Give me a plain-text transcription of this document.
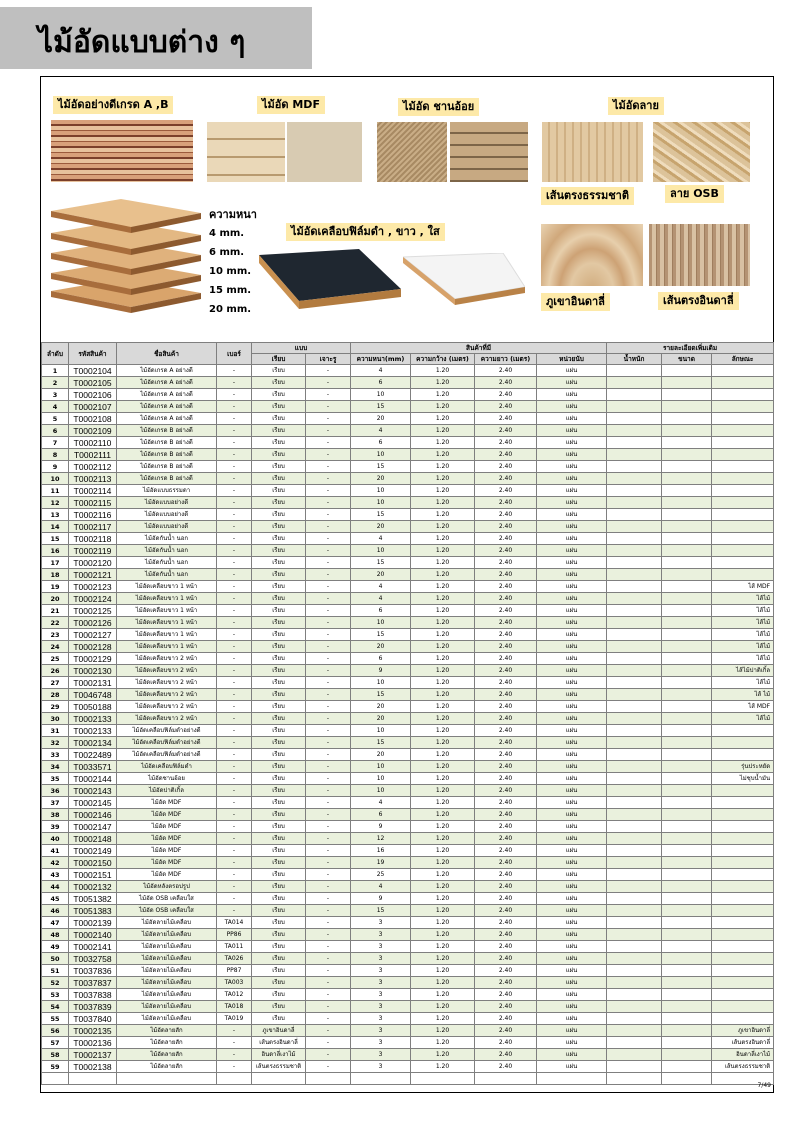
ไม้อัดแบบต่าง ๆ
ไม้อัดอย่างดีเกรด A ,B	ไม้อัด MDF	ไม้อัด ชานอ้อย	ไม้อัดลาย
เส้นตรงธรรมชาติ	ลาย OSB
ความหนา
4 mm.
6 mm.
10 mm.
15 mm.
20 mm.
ไม้อัดเคลือบฟิล์มดำ , ขาว , ใส
ภูเขาอินดาลี่	เส้นตรงอินดาลี่
ลำดับ	รหัสสินค้า	ชื่อสินค้า	เบอร์	แบบ		สินค้าที่มี				รายละเอียดเพิ่มเติม		
				เรียบ	เจาะรู	ความหนา(mm)	ความกว้าง (เมตร)	ความยาว (เมตร)	หน่วยนับ	น้ำหนัก	ขนาด	ลักษณะ
1	T0002104	ไม้อัดเกรด A อย่างดี	-	เรียบ	-	4	1.20	2.40	แผ่น			
2	T0002105	ไม้อัดเกรด A อย่างดี	-	เรียบ	-	6	1.20	2.40	แผ่น			
3	T0002106	ไม้อัดเกรด A อย่างดี	-	เรียบ	-	10	1.20	2.40	แผ่น			
4	T0002107	ไม้อัดเกรด A อย่างดี	-	เรียบ	-	15	1.20	2.40	แผ่น			
5	T0002108	ไม้อัดเกรด A อย่างดี	-	เรียบ	-	20	1.20	2.40	แผ่น			
6	T0002109	ไม้อัดเกรด B อย่างดี	-	เรียบ	-	4	1.20	2.40	แผ่น			
7	T0002110	ไม้อัดเกรด B อย่างดี	-	เรียบ	-	6	1.20	2.40	แผ่น			
8	T0002111	ไม้อัดเกรด B อย่างดี	-	เรียบ	-	10	1.20	2.40	แผ่น			
9	T0002112	ไม้อัดเกรด B อย่างดี	-	เรียบ	-	15	1.20	2.40	แผ่น			
10	T0002113	ไม้อัดเกรด B อย่างดี	-	เรียบ	-	20	1.20	2.40	แผ่น			
11	T0002114	ไม้อัดแบบธรรมดา	-	เรียบ	-	10	1.20	2.40	แผ่น			
12	T0002115	ไม้อัดแบบอย่างดี	-	เรียบ	-	10	1.20	2.40	แผ่น			
13	T0002116	ไม้อัดแบบอย่างดี	-	เรียบ	-	15	1.20	2.40	แผ่น			
14	T0002117	ไม้อัดแบบอย่างดี	-	เรียบ	-	20	1.20	2.40	แผ่น			
15	T0002118	ไม้อัดกันน้ำ นอก	-	เรียบ	-	4	1.20	2.40	แผ่น			
16	T0002119	ไม้อัดกันน้ำ นอก	-	เรียบ	-	10	1.20	2.40	แผ่น			
17	T0002120	ไม้อัดกันน้ำ นอก	-	เรียบ	-	15	1.20	2.40	แผ่น			
18	T0002121	ไม้อัดกันน้ำ นอก	-	เรียบ	-	20	1.20	2.40	แผ่น			
19	T0002123	ไม้อัดเคลือบขาว 1 หน้า	-	เรียบ	-	4	1.20	2.40	แผ่น			ไส้ MDF
20	T0002124	ไม้อัดเคลือบขาว 1 หน้า	-	เรียบ	-	4	1.20	2.40	แผ่น			ไส้ไม้
21	T0002125	ไม้อัดเคลือบขาว 1 หน้า	-	เรียบ	-	6	1.20	2.40	แผ่น			ไส้ไม้
22	T0002126	ไม้อัดเคลือบขาว 1 หน้า	-	เรียบ	-	10	1.20	2.40	แผ่น			ไส้ไม้
23	T0002127	ไม้อัดเคลือบขาว 1 หน้า	-	เรียบ	-	15	1.20	2.40	แผ่น			ไส้ไม้
24	T0002128	ไม้อัดเคลือบขาว 1 หน้า	-	เรียบ	-	20	1.20	2.40	แผ่น			ไส้ไม้
25	T0002129	ไม้อัดเคลือบขาว 2 หน้า	-	เรียบ	-	6	1.20	2.40	แผ่น			ไส้ไม้
26	T0002130	ไม้อัดเคลือบขาว 2 หน้า	-	เรียบ	-	9	1.20	2.40	แผ่น			ไส้ไม้ปาติเกิ้ล
27	T0002131	ไม้อัดเคลือบขาว 2 หน้า	-	เรียบ	-	10	1.20	2.40	แผ่น			ไส้ไม้
28	T0046748	ไม้อัดเคลือบขาว 2 หน้า	-	เรียบ	-	15	1.20	2.40	แผ่น			ไส้ ไม้
29	T0050188	ไม้อัดเคลือบขาว 2 หน้า	-	เรียบ	-	20	1.20	2.40	แผ่น			ไส้ MDF
30	T0002133	ไม้อัดเคลือบขาว 2 หน้า	-	เรียบ	-	20	1.20	2.40	แผ่น			ไส้ไม้
31	T0002133	ไม้อัดเคลือบฟิล์มดำอย่างดี	-	เรียบ	-	10	1.20	2.40	แผ่น			
32	T0002134	ไม้อัดเคลือบฟิล์มดำอย่างดี	-	เรียบ	-	15	1.20	2.40	แผ่น			
33	T0022489	ไม้อัดเคลือบฟิล์มดำอย่างดี	-	เรียบ	-	20	1.20	2.40	แผ่น			
34	T0033571	ไม้อัดเคลือบฟิล์มดำ	-	เรียบ	-	10	1.20	2.40	แผ่น			รุ่นประหยัด
35	T0002144	ไม้อัดชานอ้อย	-	เรียบ	-	10	1.20	2.40	แผ่น			ไม่ชุบน้ำมัน
36	T0002143	ไม้อัดปาติเกิ้ล	-	เรียบ	-	10	1.20	2.40	แผ่น			
37	T0002145	ไม้อัด MDF	-	เรียบ	-	4	1.20	2.40	แผ่น			
38	T0002146	ไม้อัด MDF	-	เรียบ	-	6	1.20	2.40	แผ่น			
39	T0002147	ไม้อัด MDF	-	เรียบ	-	9	1.20	2.40	แผ่น			
40	T0002148	ไม้อัด MDF	-	เรียบ	-	12	1.20	2.40	แผ่น			
41	T0002149	ไม้อัด MDF	-	เรียบ	-	16	1.20	2.40	แผ่น			
42	T0002150	ไม้อัด MDF	-	เรียบ	-	19	1.20	2.40	แผ่น			
43	T0002151	ไม้อัด MDF	-	เรียบ	-	25	1.20	2.40	แผ่น			
44	T0002132	ไม้อัดหลังตรอปรูป	-	เรียบ	-	4	1.20	2.40	แผ่น			
45	T0051382	ไม้อัด OSB เคลือบใส	-	เรียบ	-	9	1.20	2.40	แผ่น			
46	T0051383	ไม้อัด OSB เคลือบใส	-	เรียบ	-	15	1.20	2.40	แผ่น			
47	T0002139	ไม้อัดลายไม้เคลือบ	TA014	เรียบ	-	3	1.20	2.40	แผ่น			
48	T0002140	ไม้อัดลายไม้เคลือบ	PP86	เรียบ	-	3	1.20	2.40	แผ่น			
49	T0002141	ไม้อัดลายไม้เคลือบ	TA011	เรียบ	-	3	1.20	2.40	แผ่น			
50	T0032758	ไม้อัดลายไม้เคลือบ	TA026	เรียบ	-	3	1.20	2.40	แผ่น			
51	T0037836	ไม้อัดลายไม้เคลือบ	PP87	เรียบ	-	3	1.20	2.40	แผ่น			
52	T0037837	ไม้อัดลายไม้เคลือบ	TA003	เรียบ	-	3	1.20	2.40	แผ่น			
53	T0037838	ไม้อัดลายไม้เคลือบ	TA012	เรียบ	-	3	1.20	2.40	แผ่น			
54	T0037839	ไม้อัดลายไม้เคลือบ	TA018	เรียบ	-	3	1.20	2.40	แผ่น			
55	T0037840	ไม้อัดลายไม้เคลือบ	TA019	เรียบ	-	3	1.20	2.40	แผ่น			
56	T0002135	ไม้อัดลายสัก	-	ภูเขาอินดาลี่	-	3	1.20	2.40	แผ่น			ภูเขาอินดาลี่
57	T0002136	ไม้อัดลายสัก	-	เส้นตรงอินดาลี่	-	3	1.20	2.40	แผ่น			เส้นตรงอินดาลี่
58	T0002137	ไม้อัดลายสัก	-	อินดาลี่เงาไม้	-	3	1.20	2.40	แผ่น			อินดาลี่เงาไม้
59	T0002138	ไม้อัดลายสัก	-	เส้นตรงธรรมชาติ	-	3	1.20	2.40	แผ่น			เส้นตรงธรรมชาติ

7/49
